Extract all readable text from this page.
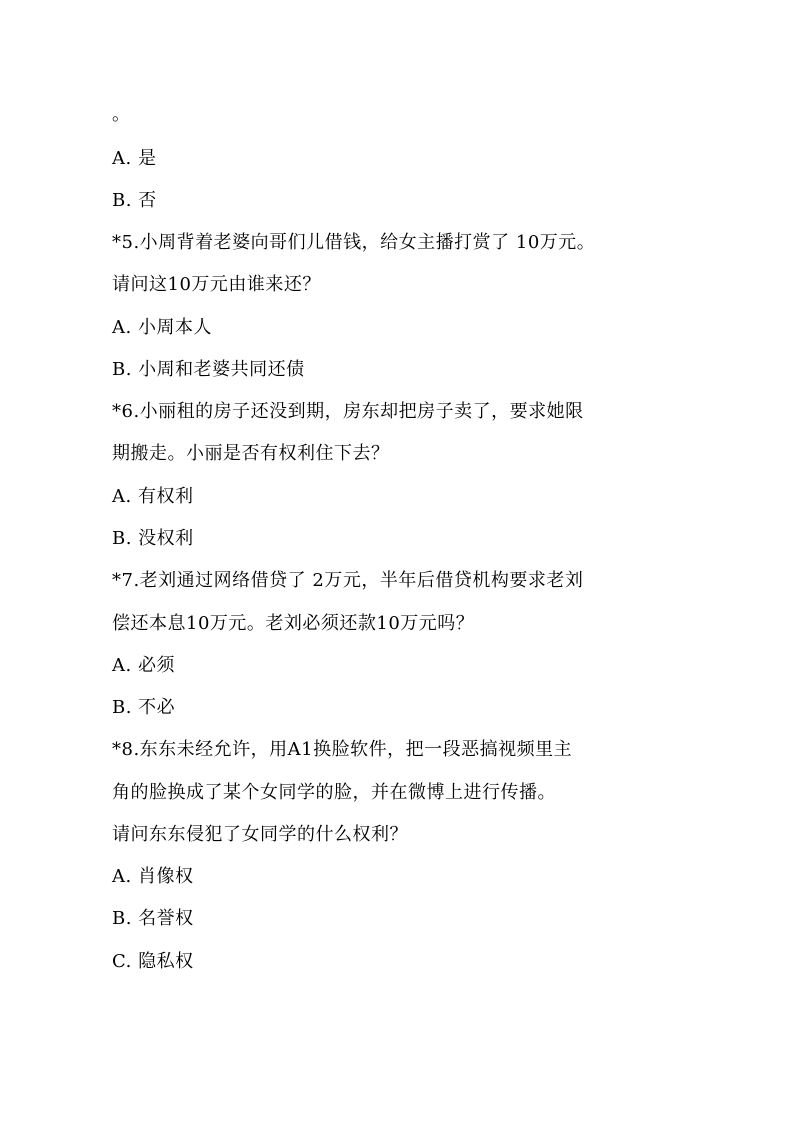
。
A. 是
B. 否
*5.小周背着老婆向哥们儿借钱，给女主播打赏了 10万元。
请问这10万元由谁来还？
A. 小周本人
B. 小周和老婆共同还债
*6.小丽租的房子还没到期，房东却把房子卖了，要求她限
期搬走。小丽是否有权利住下去？
A. 有权利
B. 没权利
*7.老刘通过网络借贷了 2万元，半年后借贷机构要求老刘
偿还本息10万元。老刘必须还款10万元吗？
A. 必须
B. 不必
*8.东东未经允许，用A1换脸软件，把一段恶搞视频里主
角的脸换成了某个女同学的脸，并在微博上进行传播。
请问东东侵犯了女同学的什么权利？
A. 肖像权
B. 名誉权
C. 隐私权
